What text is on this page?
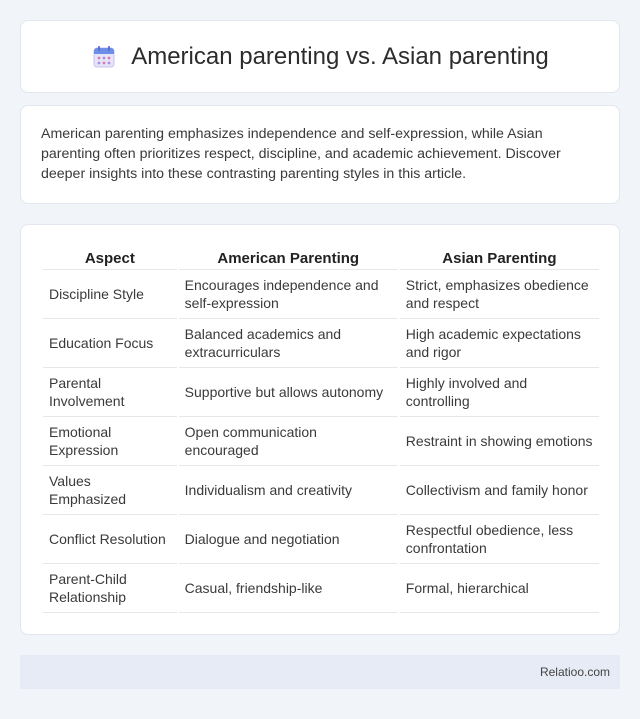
American parenting vs. Asian parenting

American parenting emphasizes independence and self-expression, while Asian parenting often prioritizes respect, discipline, and academic achievement. Discover deeper insights into these contrasting parenting styles in this article.

Aspect	American Parenting	Asian Parenting
Discipline Style	Encourages independence and self-expression	Strict, emphasizes obedience and respect
Education Focus	Balanced academics and extracurriculars	High academic expectations and rigor
Parental Involvement	Supportive but allows autonomy	Highly involved and controlling
Emotional Expression	Open communication encouraged	Restraint in showing emotions
Values Emphasized	Individualism and creativity	Collectivism and family honor
Conflict Resolution	Dialogue and negotiation	Respectful obedience, less confrontation
Parent-Child Relationship	Casual, friendship-like	Formal, hierarchical
Relatioo.com
